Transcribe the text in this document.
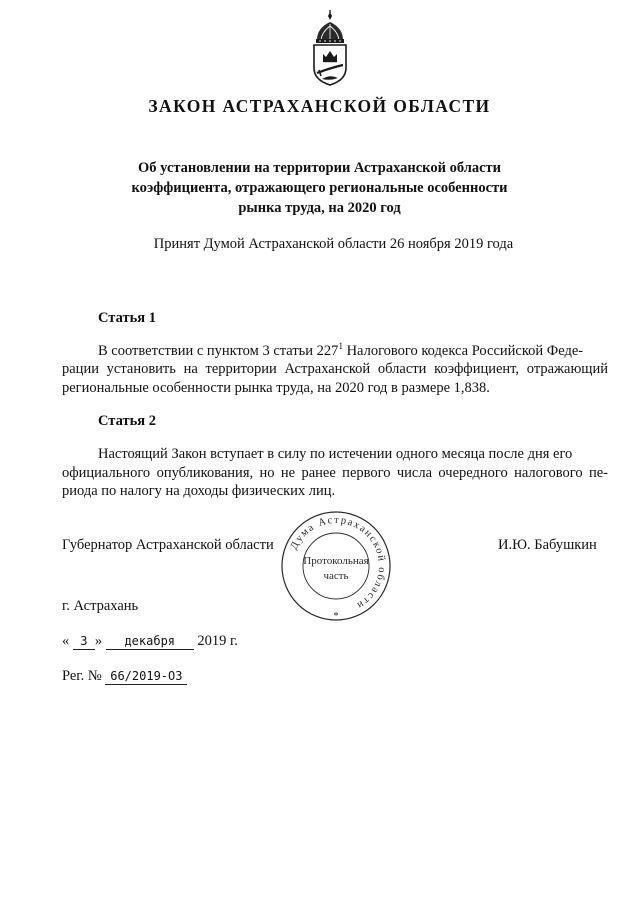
ЗАКОН АСТРАХАНСКОЙ ОБЛАСТИ
Об установлении на территории Астраханской области
коэффициента, отражающего региональные особенности
рынка труда, на 2020 год
Принят Думой Астраханской области 26 ноября 2019 года
Статья 1
В соответствии с пунктом 3 статьи $227^1$ Налогового кодекса Российской Феде-
рации установить на территории Астраханской области коэффициент, отражающий
региональные особенности рынка труда, на 2020 год в размере 1,838.
Статья 2
Настоящий Закон вступает в силу по истечении одного месяца после дня его
официального опубликования, но не ранее первого числа очередного налогового пе-
риода по налогу на доходы физических лиц.
Губернатор Астраханской области	И.Ю. Бабушкин
Дума Астраханской области
Протокольная
часть
*
г. Астрахань
« 3 » декабря 2019 г.
Рег. № 66/2019-ОЗ
